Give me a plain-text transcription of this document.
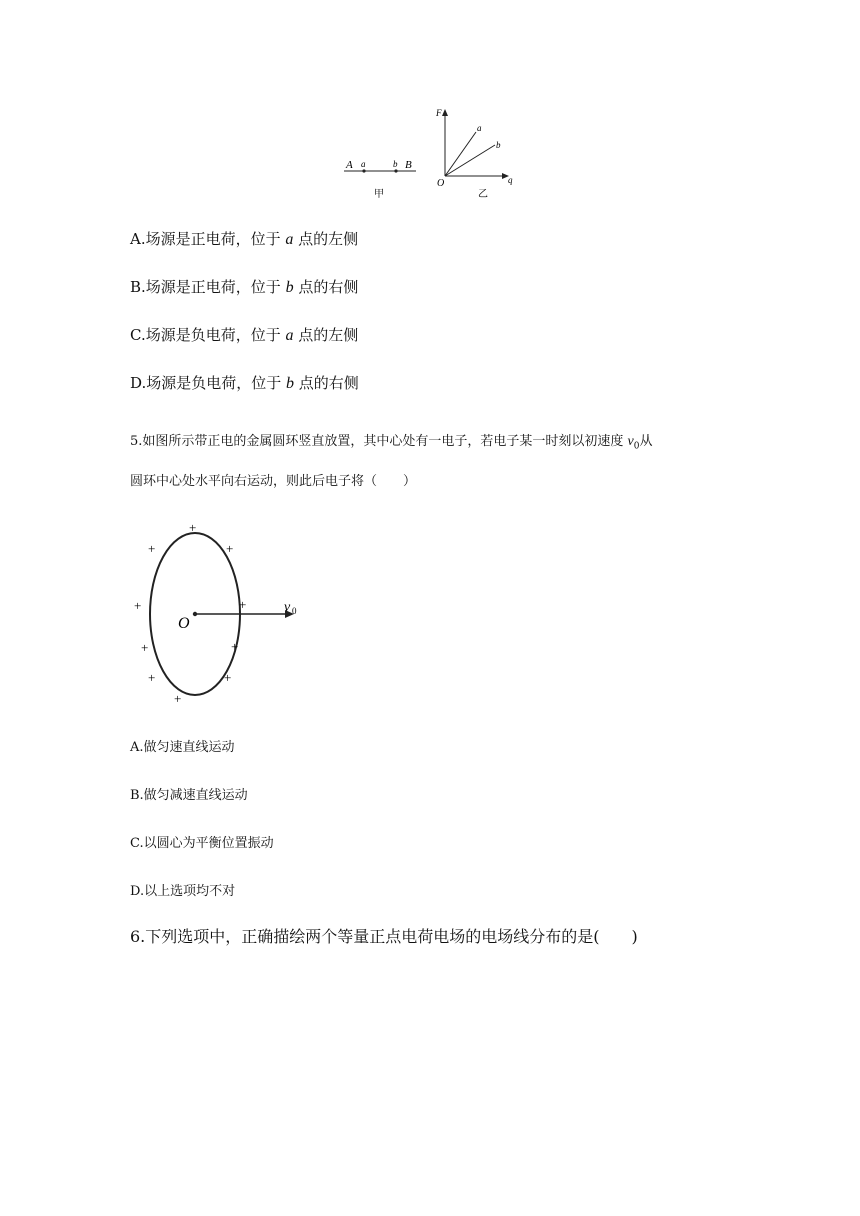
A a	b B
甲
F
O	q
a
b
乙
A.场源是正电荷，位于 a 点的左侧
B.场源是正电荷，位于 b 点的右侧
C.场源是负电荷，位于 a 点的左侧
D.场源是负电荷，位于 b 点的右侧
5.如图所示带正电的金属圆环竖直放置，其中心处有一电子，若电子某一时刻以初速度 $v_0$从
圆环中心处水平向右运动，则此后电子将（　　）
O
v 0
+
+	+
+	+
+	+
+	+
+
A.做匀速直线运动
B.做匀减速直线运动
C.以圆心为平衡位置振动
D.以上选项均不对
6.下列选项中，正确描绘两个等量正点电荷电场的电场线分布的是(　　)
